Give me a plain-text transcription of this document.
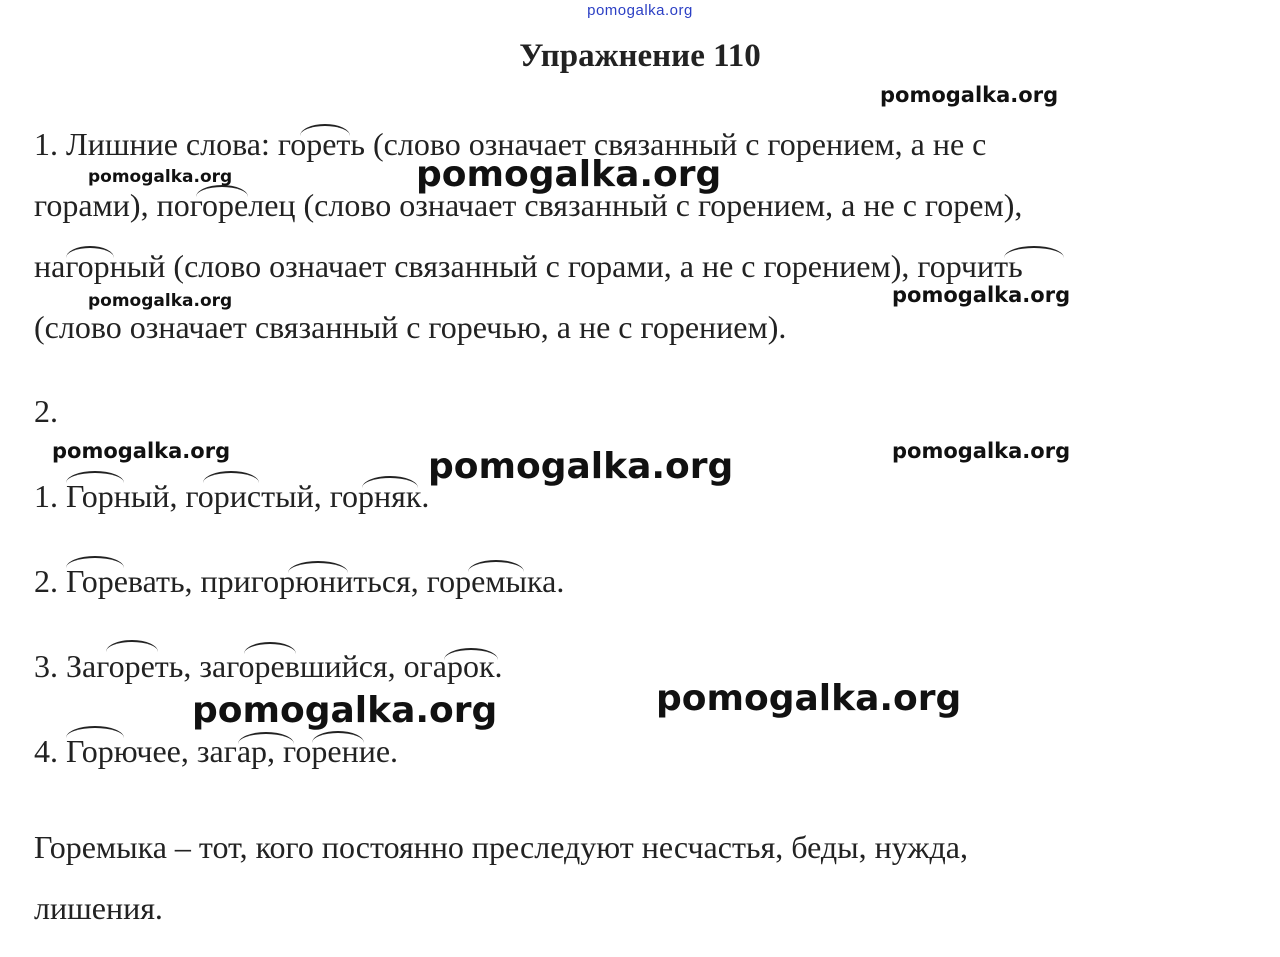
pomogalka.org
Упражнение 110
1. Лишние слова: гореть (слово означает связанный с горением, а не с
горами), погорелец (слово означает связанный с горением, а не с горем),
нагорный (слово означает связанный с горами, а не с горением), горчить
(слово означает связанный с горечью, а не с горением).
2.
1. Горный, гористый, горняк.
2. Горевать, пригорюниться, горемыка.
3. Загореть, загоревшийся, огарок.
4. Горючее, загар, горение.
Горемыка – тот, кого постоянно преследуют несчастья, беды, нужда,
лишения.
pomogalka.org
pomogalka.org	pomogalka.org
pomogalka.org	pomogalka.org
pomogalka.org	pomogalka.org
pomogalka.org
pomogalka.org
pomogalka.org
